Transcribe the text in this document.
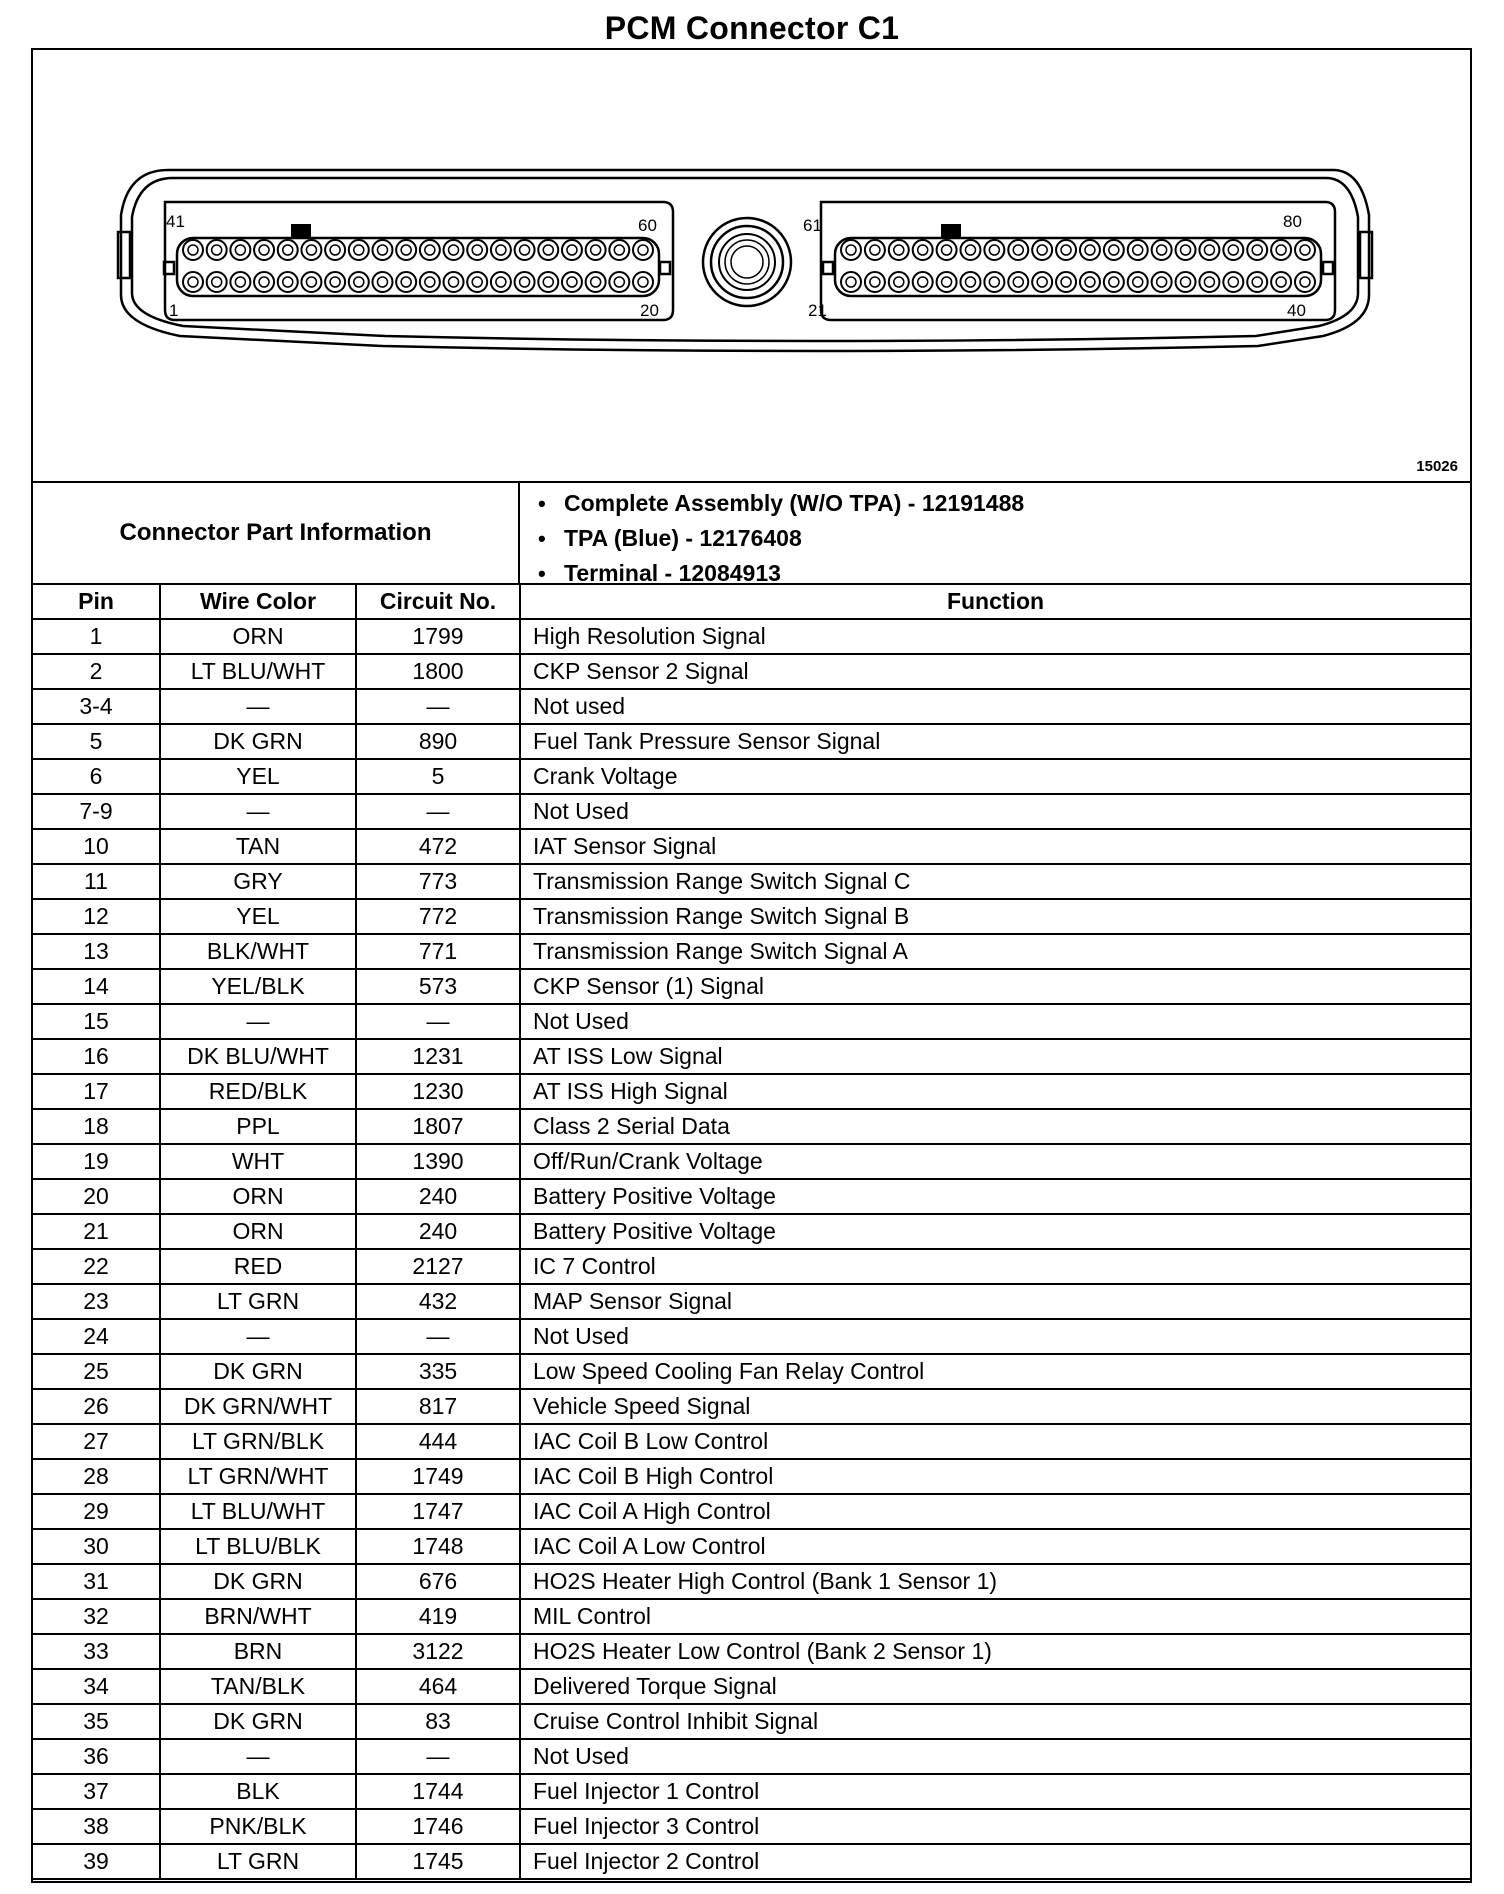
PCM Connector C1
41	60
1	20
61	80
21	40
15026
Connector Part Information
• Complete Assembly (W/O TPA) - 12191488
• TPA (Blue) - 12176408
• Terminal - 12084913
Pin	Wire Color	Circuit No.	Function
1	ORN	1799	High Resolution Signal
2	LT BLU/WHT	1800	CKP Sensor 2 Signal
3-4	—	—	Not used
5	DK GRN	890	Fuel Tank Pressure Sensor Signal
6	YEL	5	Crank Voltage
7-9	—	—	Not Used
10	TAN	472	IAT Sensor Signal
11	GRY	773	Transmission Range Switch Signal C
12	YEL	772	Transmission Range Switch Signal B
13	BLK/WHT	771	Transmission Range Switch Signal A
14	YEL/BLK	573	CKP Sensor (1) Signal
15	—	—	Not Used
16	DK BLU/WHT	1231	AT ISS Low Signal
17	RED/BLK	1230	AT ISS High Signal
18	PPL	1807	Class 2 Serial Data
19	WHT	1390	Off/Run/Crank Voltage
20	ORN	240	Battery Positive Voltage
21	ORN	240	Battery Positive Voltage
22	RED	2127	IC 7 Control
23	LT GRN	432	MAP Sensor Signal
24	—	—	Not Used
25	DK GRN	335	Low Speed Cooling Fan Relay Control
26	DK GRN/WHT	817	Vehicle Speed Signal
27	LT GRN/BLK	444	IAC Coil B Low Control
28	LT GRN/WHT	1749	IAC Coil B High Control
29	LT BLU/WHT	1747	IAC Coil A High Control
30	LT BLU/BLK	1748	IAC Coil A Low Control
31	DK GRN	676	HO2S Heater High Control (Bank 1 Sensor 1)
32	BRN/WHT	419	MIL Control
33	BRN	3122	HO2S Heater Low Control (Bank 2 Sensor 1)
34	TAN/BLK	464	Delivered Torque Signal
35	DK GRN	83	Cruise Control Inhibit Signal
36	—	—	Not Used
37	BLK	1744	Fuel Injector 1 Control
38	PNK/BLK	1746	Fuel Injector 3 Control
39	LT GRN	1745	Fuel Injector 2 Control
